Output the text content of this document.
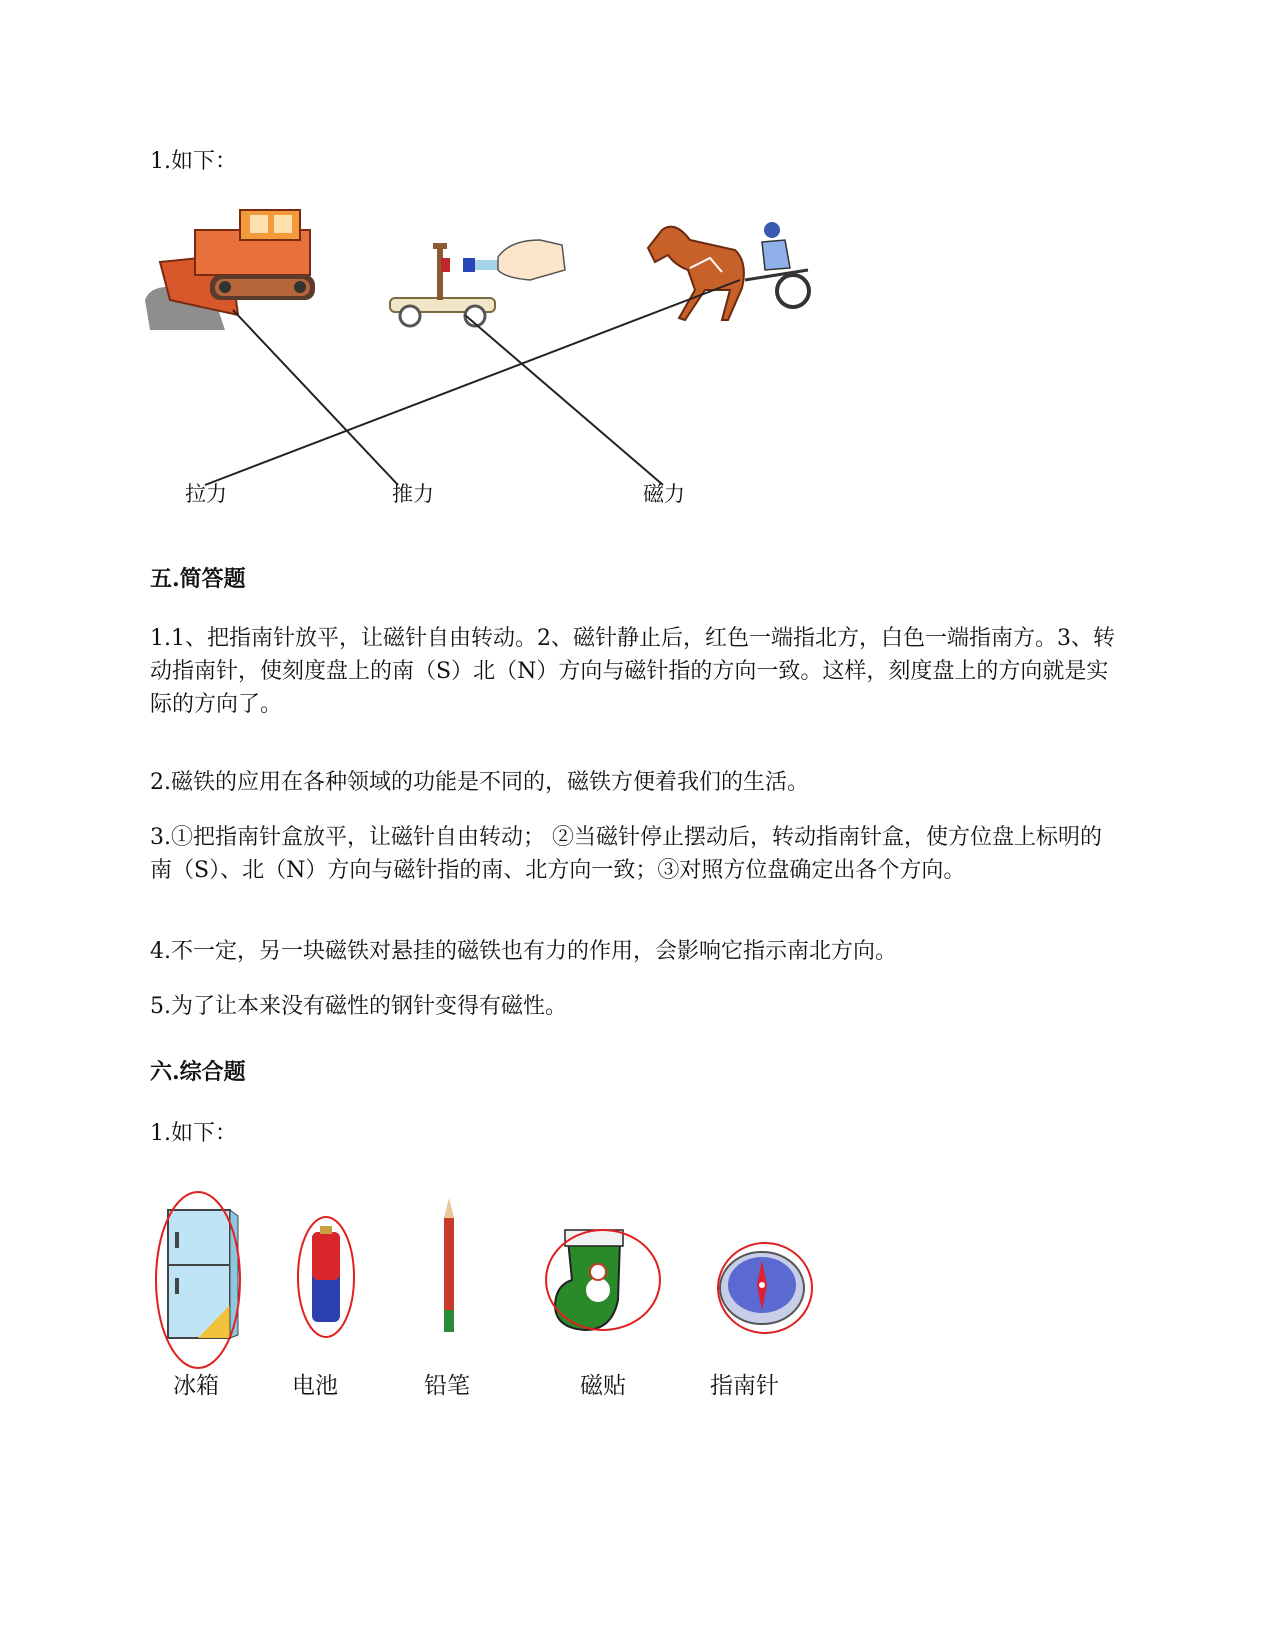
1.如下：

拉力	推力	磁力

五.简答题

1.1、把指南针放平，让磁针自由转动。2、磁针静止后，红色一端指北方，白色一端指南方。3、转动指南针，使刻度盘上的南（S）北（N）方向与磁针指的方向一致。这样，刻度盘上的方向就是实际的方向了。

2.磁铁的应用在各种领域的功能是不同的，磁铁方便着我们的生活。

3.①把指南针盒放平，让磁针自由转动； ②当磁针停止摆动后，转动指南针盒，使方位盘上标明的南（S）、北（N）方向与磁针指的南、北方向一致；③对照方位盘确定出各个方向。

4.不一定，另一块磁铁对悬挂的磁铁也有力的作用，会影响它指示南北方向。

5.为了让本来没有磁性的钢针变得有磁性。

六.综合题

1.如下：

冰箱	电池	铅笔	磁贴	指南针
